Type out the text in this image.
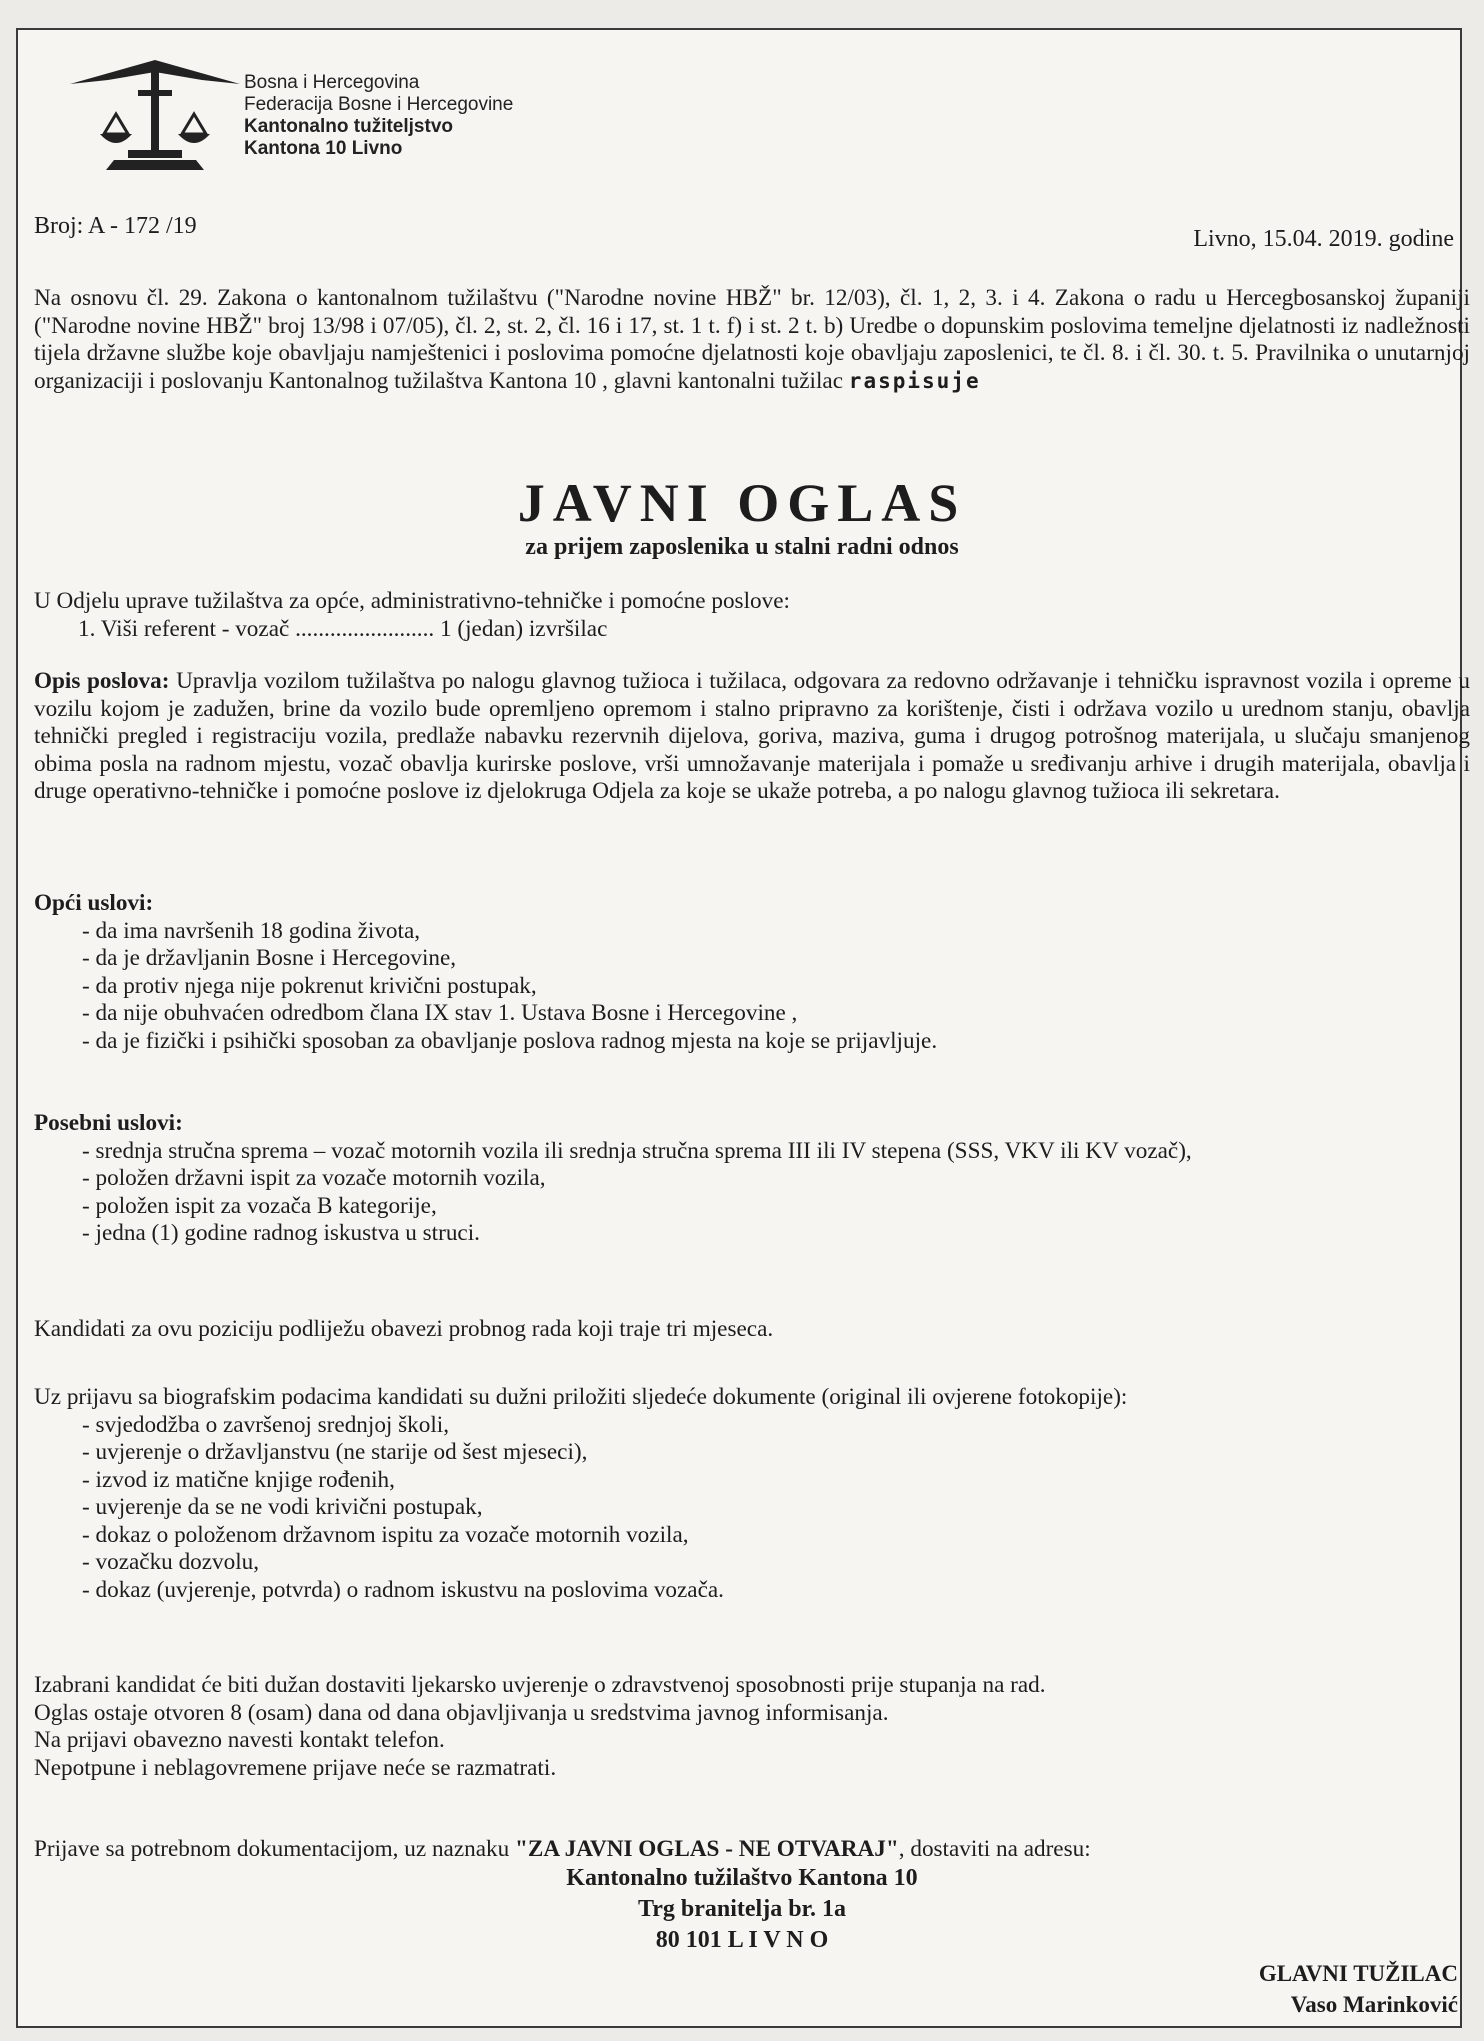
Bosna i Hercegovina
Federacija Bosne i Hercegovine
Kantonalno tužiteljstvo
Kantona 10 Livno
Broj: A - 172 /19	Livno, 15.04. 2019. godine
Na osnovu čl. 29. Zakona o kantonalnom tužilaštvu ("Narodne novine HBŽ" br. 12/03), čl. 1, 2, 3. i 4. Zakona o radu u Hercegbosanskoj županiji ("Narodne novine HBŽ" broj 13/98 i 07/05), čl. 2, st. 2, čl. 16 i 17, st. 1 t. f) i st. 2 t. b) Uredbe o dopunskim poslovima temeljne djelatnosti iz nadležnosti tijela državne službe koje obavljaju namještenici i poslovima pomoćne djelatnosti koje obavljaju zaposlenici, te čl. 8. i čl. 30. t. 5. Pravilnika o unutarnjoj organizaciji i poslovanju Kantonalnog tužilaštva Kantona 10 , glavni kantonalni tužilac raspisuje
JAVNI OGLAS
za prijem zaposlenika u stalni radni odnos
U Odjelu uprave tužilaštva za opće, administrativno-tehničke i pomoćne poslove:
1. Viši referent - vozač ........................ 1 (jedan) izvršilac
Opis poslova: Upravlja vozilom tužilaštva po nalogu glavnog tužioca i tužilaca, odgovara za redovno održavanje i tehničku ispravnost vozila i opreme u vozilu kojom je zadužen, brine da vozilo bude opremljeno opremom i stalno pripravno za korištenje, čisti i održava vozilo u urednom stanju, obavlja tehnički pregled i registraciju vozila, predlaže nabavku rezervnih dijelova, goriva, maziva, guma i drugog potrošnog materijala, u slučaju smanjenog obima posla na radnom mjestu, vozač obavlja kurirske poslove, vrši umnožavanje materijala i pomaže u sređivanju arhive i drugih materijala, obavlja i druge operativno-tehničke i pomoćne poslove iz djelokruga Odjela za koje se ukaže potreba, a po nalogu glavnog tužioca ili sekretara.
Opći uslovi:
- da ima navršenih 18 godina života,
- da je državljanin Bosne i Hercegovine,
- da protiv njega nije pokrenut krivični postupak,
- da nije obuhvaćen odredbom člana IX stav 1. Ustava Bosne i Hercegovine ,
- da je fizički i psihički sposoban za obavljanje poslova radnog mjesta na koje se prijavljuje.
Posebni uslovi:
- srednja stručna sprema – vozač motornih vozila ili srednja stručna sprema III ili IV stepena (SSS, VKV ili KV vozač),
- položen državni ispit za vozače motornih vozila,
- položen ispit za vozača B kategorije,
- jedna (1) godine radnog iskustva u struci.
Kandidati za ovu poziciju podliježu obavezi probnog rada koji traje tri mjeseca.
Uz prijavu sa biografskim podacima kandidati su dužni priložiti sljedeće dokumente (original ili ovjerene fotokopije):
- svjedodžba o završenoj srednjoj školi,
- uvjerenje o državljanstvu (ne starije od šest mjeseci),
- izvod iz matične knjige rođenih,
- uvjerenje da se ne vodi krivični postupak,
- dokaz o položenom državnom ispitu za vozače motornih vozila,
- vozačku dozvolu,
- dokaz (uvjerenje, potvrda) o radnom iskustvu na poslovima vozača.
Izabrani kandidat će biti dužan dostaviti ljekarsko uvjerenje o zdravstvenoj sposobnosti prije stupanja na rad.
Oglas ostaje otvoren 8 (osam) dana od dana objavljivanja u sredstvima javnog informisanja.
Na prijavi obavezno navesti kontakt telefon.
Nepotpune i neblagovremene prijave neće se razmatrati.
Prijave sa potrebnom dokumentacijom, uz naznaku "ZA JAVNI OGLAS - NE OTVARAJ", dostaviti na adresu:
Kantonalno tužilaštvo Kantona 10
Trg branitelja br. 1a
80 101 L I V N O
GLAVNI TUŽILAC
Vaso Marinković
